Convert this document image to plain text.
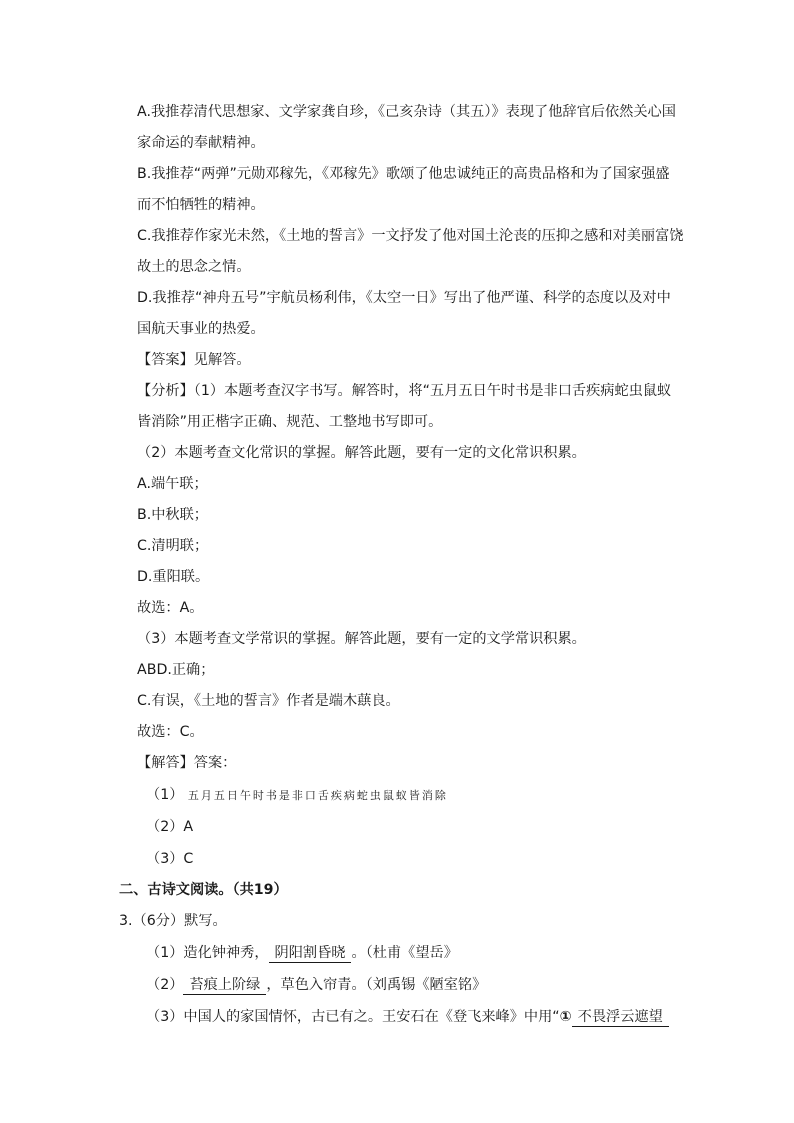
A.我推荐清代思想家、文学家龚自珍，《己亥杂诗（其五）》表现了他辞官后依然关心国
家命运的奉献精神。
B.我推荐“两弹”元勋邓稼先，《邓稼先》歌颂了他忠诚纯正的高贵品格和为了国家强盛
而不怕牺牲的精神。
C.我推荐作家光未然，《土地的誓言》一文抒发了他对国土沦丧的压抑之感和对美丽富饶
故土的思念之情。
D.我推荐“神舟五号”宇航员杨利伟，《太空一日》写出了他严谨、科学的态度以及对中
国航天事业的热爱。
【答案】见解答。
【分析】（1）本题考查汉字书写。解答时，将“五月五日午时书是非口舌疾病蛇虫鼠蚁
皆消除”用正楷字正确、规范、工整地书写即可。
（2）本题考查文化常识的掌握。解答此题，要有一定的文化常识积累。
A.端午联；
B.中秋联；
C.清明联；
D.重阳联。
故选：A。
（3）本题考查文学常识的掌握。解答此题，要有一定的文学常识积累。
ABD.正确；
C.有误，《土地的誓言》作者是端木蕻良。
故选：C。
【解答】答案：
（1） 五月五日午时书是非口舌疾病蛇虫鼠蚁皆消除
（2）A
（3）C
二、古诗文阅读。（共19）
3.（6分）默写。
（1）造化钟神秀， 阴阳割昏晓 。（杜甫《望岳》
（2） 苔痕上阶绿 ，草色入帘青。（刘禹锡《陋室铭》
（3）中国人的家国情怀，古已有之。王安石在《登飞来峰》中用“① 不畏浮云遮望
